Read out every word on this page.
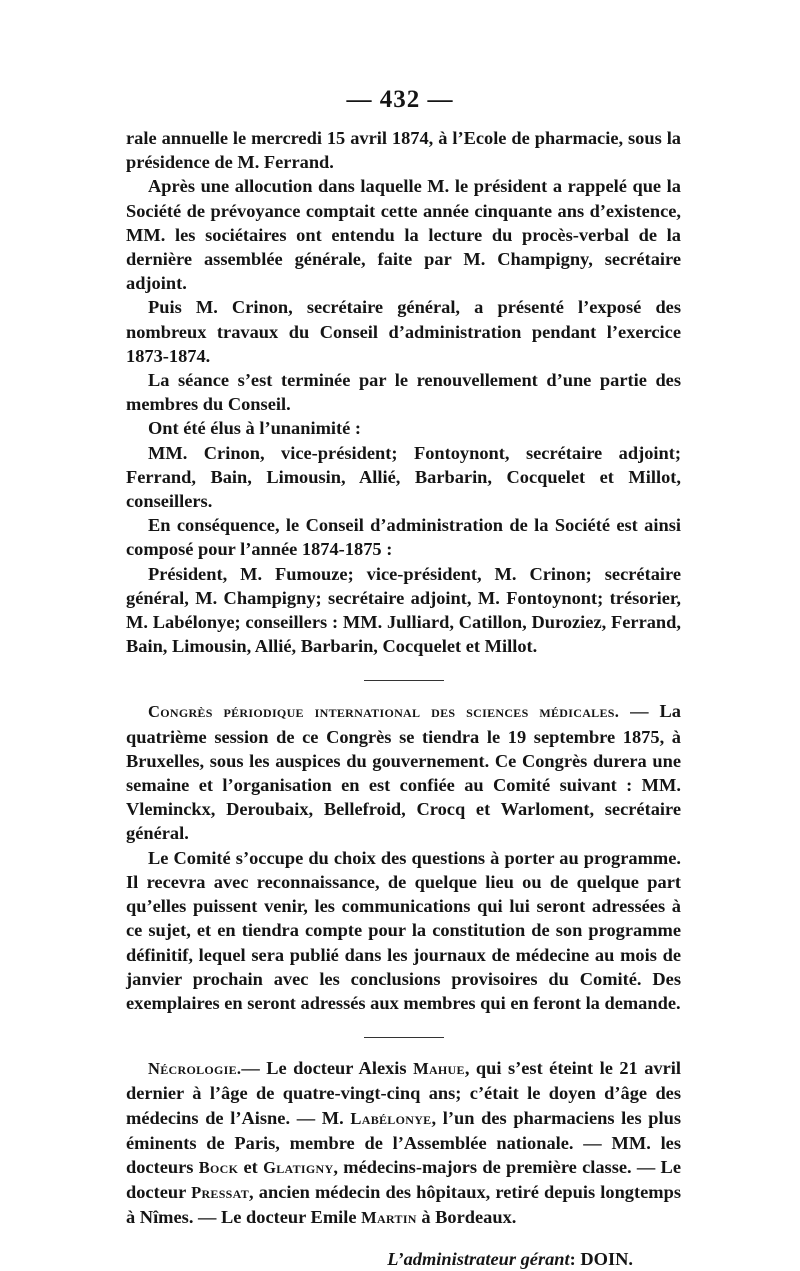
— 432 —

rale annuelle le mercredi 15 avril 1874, à l’Ecole de pharmacie, sous la présidence de M. Ferrand.

Après une allocution dans laquelle M. le président a rappelé que la Société de prévoyance comptait cette année cinquante ans d’existence, MM. les sociétaires ont entendu la lecture du procès-verbal de la dernière assemblée générale, faite par M. Champigny, secrétaire adjoint.

Puis M. Crinon, secrétaire général, a présenté l’exposé des nombreux travaux du Conseil d’administration pendant l’exercice 1873-1874.

La séance s’est terminée par le renouvellement d’une partie des membres du Conseil.

Ont été élus à l’unanimité :

MM. Crinon, vice-président; Fontoynont, secrétaire adjoint; Ferrand, Bain, Limousin, Allié, Barbarin, Cocquelet et Millot, conseillers.

En conséquence, le Conseil d’administration de la Société est ainsi composé pour l’année 1874-1875 :

Président, M. Fumouze; vice-président, M. Crinon; secrétaire général, M. Champigny; secrétaire adjoint, M. Fontoynont; trésorier, M. Labélonye; conseillers : MM. Julliard, Catillon, Duroziez, Ferrand, Bain, Limousin, Allié, Barbarin, Cocquelet et Millot.

Congrès périodique international des sciences médicales. — La quatrième session de ce Congrès se tiendra le 19 septembre 1875, à Bruxelles, sous les auspices du gouvernement. Ce Congrès durera une semaine et l’organisation en est confiée au Comité suivant : MM. Vleminckx, Deroubaix, Bellefroid, Crocq et Warloment, secrétaire général.

Le Comité s’occupe du choix des questions à porter au programme. Il recevra avec reconnaissance, de quelque lieu ou de quelque part qu’elles puissent venir, les communications qui lui seront adressées à ce sujet, et en tiendra compte pour la constitution de son programme définitif, lequel sera publié dans les journaux de médecine au mois de janvier prochain avec les conclusions provisoires du Comité. Des exemplaires en seront adressés aux membres qui en feront la demande.

Nécrologie.— Le docteur Alexis Mahue, qui s’est éteint le 21 avril dernier à l’âge de quatre-vingt-cinq ans; c’était le doyen d’âge des médecins de l’Aisne. — M. Labélonye, l’un des pharmaciens les plus éminents de Paris, membre de l’Assemblée nationale. — MM. les docteurs Bock et Glatigny, médecins-majors de première classe. — Le docteur Pressat, ancien médecin des hôpitaux, retiré depuis longtemps à Nîmes. — Le docteur Emile Martin à Bordeaux.

L’administrateur gérant: DOIN.
